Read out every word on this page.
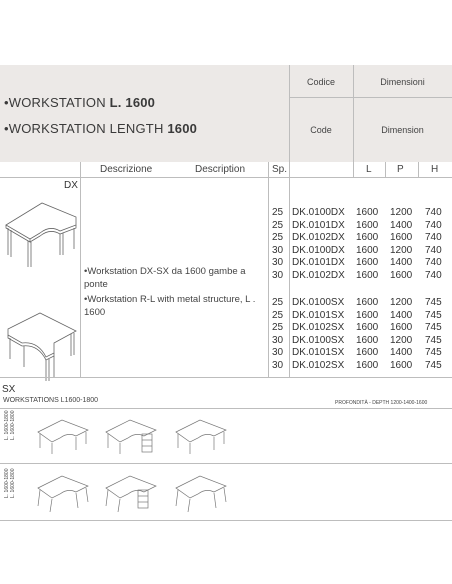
•WORKSTATION L. 1600
•WORKSTATION LENGTH 1600
Codice	Dimensioni
Code	Dimension
Descrizione	Description	Sp.	L	P	H
DX
SX
•Workstation DX-SX da 1600 gambe a ponte
•Workstation R-L with metal structure, L . 1600
25 DK.0100DX 1600 1200 740
25 DK.0101DX 1600 1400 740
25 DK.0102DX 1600 1600 740
30 DK.0100DX 1600 1200 740
30 DK.0101DX 1600 1400 740
30 DK.0102DX 1600 1600 740
25 DK.0100SX 1600 1200 745
25 DK.0101SX 1600 1400 745
25 DK.0102SX 1600 1600 745
30 DK.0100SX 1600 1200 745
30 DK.0101SX 1600 1400 745
30 DK.0102SX 1600 1600 745
WORKSTATIONS L1600-1800	PROFONDITÀ - DEPTH 1200-1400-1600
L. 1600-1800 L. 1600-1800
L. 1600-1800 L. 1600-1800
